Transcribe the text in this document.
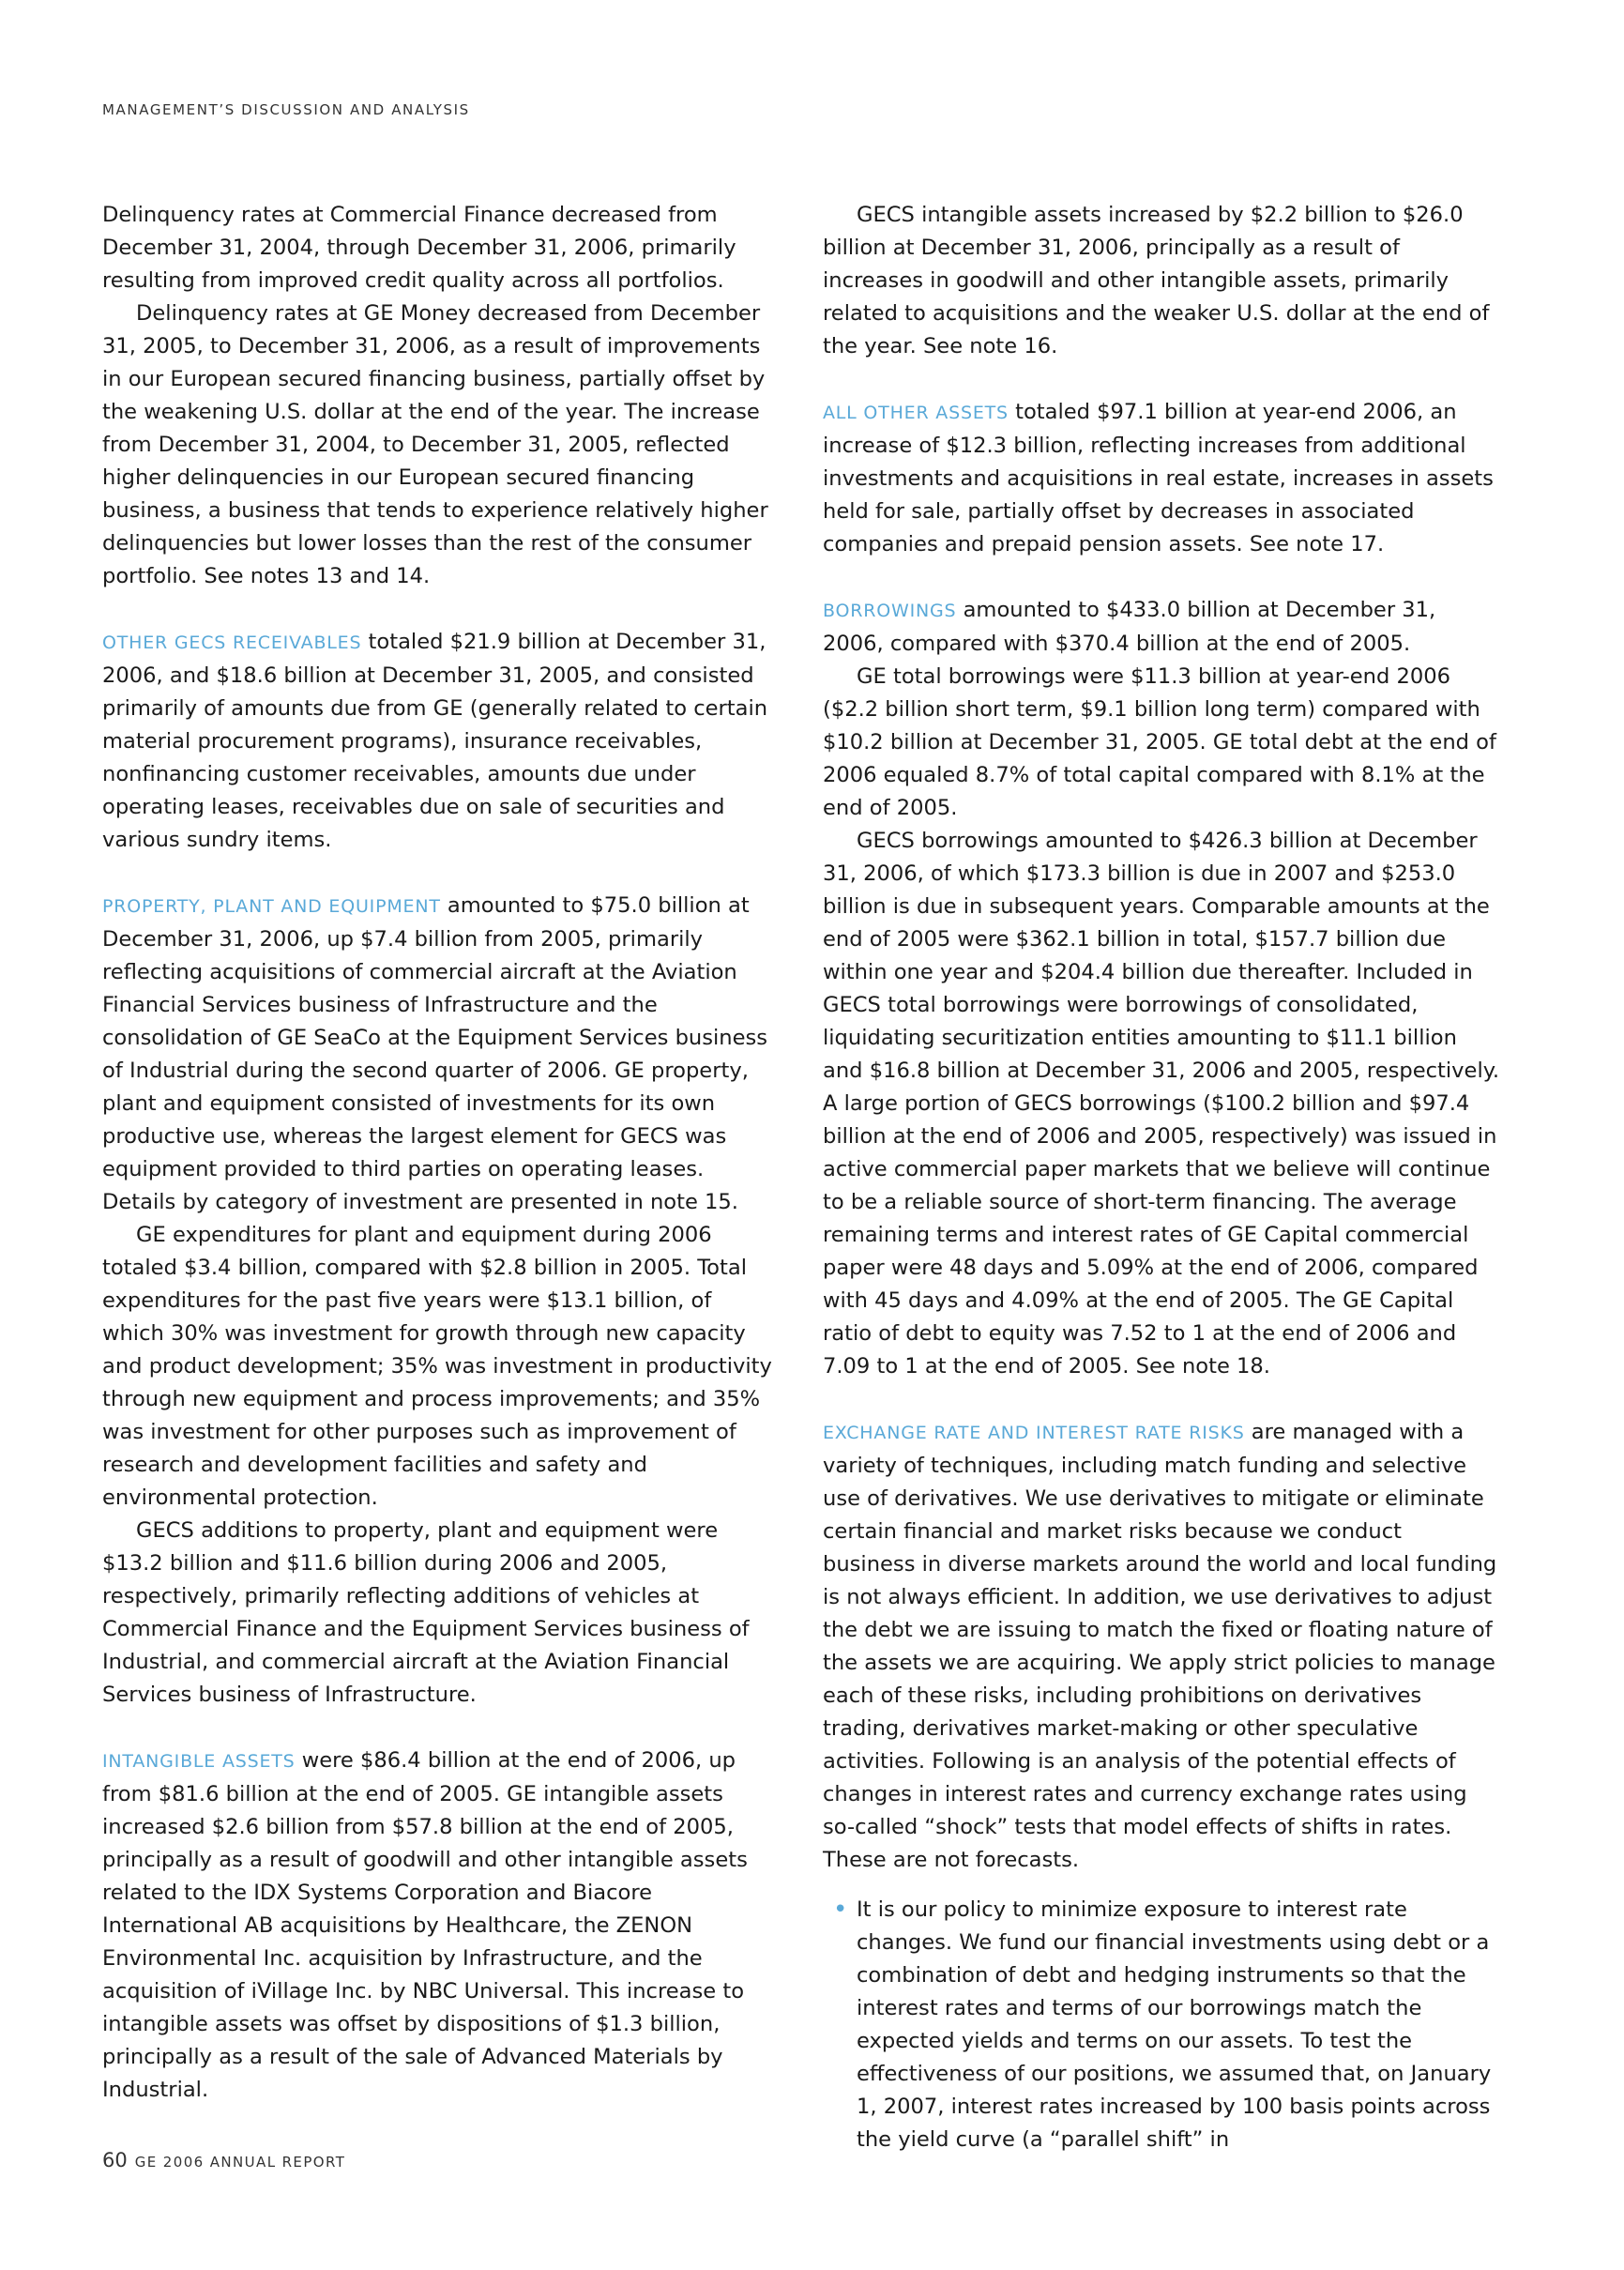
MANAGEMENT’S DISCUSSION AND ANALYSIS

Delinquency rates at Commercial Finance decreased from December 31, 2004, through December 31, 2006, primarily resulting from improved credit quality across all portfolios.

Delinquency rates at GE Money decreased from December 31, 2005, to December 31, 2006, as a result of improvements in our European secured financing business, partially offset by the weakening U.S. dollar at the end of the year. The increase from December 31, 2004, to December 31, 2005, reflected higher delinquencies in our European secured financing business, a business that tends to experience relatively higher delinquencies but lower losses than the rest of the consumer portfolio. See notes 13 and 14.

OTHER GECS RECEIVABLES totaled $21.9 billion at December 31, 2006, and $18.6 billion at December 31, 2005, and consisted primarily of amounts due from GE (generally related to certain material procurement programs), insurance receivables, nonfinancing customer receivables, amounts due under operating leases, receivables due on sale of securities and various sundry items.

PROPERTY, PLANT AND EQUIPMENT amounted to $75.0 billion at December 31, 2006, up $7.4 billion from 2005, primarily reflecting acquisitions of commercial aircraft at the Aviation Financial Services business of Infrastructure and the consolidation of GE SeaCo at the Equipment Services business of Industrial during the second quarter of 2006. GE property, plant and equipment consisted of investments for its own productive use, whereas the largest element for GECS was equipment provided to third parties on operating leases. Details by category of investment are presented in note 15.

GE expenditures for plant and equipment during 2006 totaled $3.4 billion, compared with $2.8 billion in 2005. Total expenditures for the past five years were $13.1 billion, of which 30% was investment for growth through new capacity and product development; 35% was investment in productivity through new equipment and process improvements; and 35% was investment for other purposes such as improvement of research and development facilities and safety and environmental protection.

GECS additions to property, plant and equipment were $13.2 billion and $11.6 billion during 2006 and 2005, respectively, primarily reflecting additions of vehicles at Commercial Finance and the Equipment Services business of Industrial, and commercial aircraft at the Aviation Financial Services business of Infrastructure.

INTANGIBLE ASSETS were $86.4 billion at the end of 2006, up from $81.6 billion at the end of 2005. GE intangible assets increased $2.6 billion from $57.8 billion at the end of 2005, principally as a result of goodwill and other intangible assets related to the IDX Systems Corporation and Biacore International AB acquisitions by Healthcare, the ZENON Environmental Inc. acquisition by Infrastructure, and the acquisition of iVillage Inc. by NBC Universal. This increase to intangible assets was offset by dispositions of $1.3 billion, principally as a result of the sale of Advanced Materials by Industrial.

GECS intangible assets increased by $2.2 billion to $26.0 billion at December 31, 2006, principally as a result of increases in goodwill and other intangible assets, primarily related to acquisitions and the weaker U.S. dollar at the end of the year. See note 16.

ALL OTHER ASSETS totaled $97.1 billion at year-end 2006, an increase of $12.3 billion, reflecting increases from additional investments and acquisitions in real estate, increases in assets held for sale, partially offset by decreases in associated companies and prepaid pension assets. See note 17.

BORROWINGS amounted to $433.0 billion at December 31, 2006, compared with $370.4 billion at the end of 2005.

GE total borrowings were $11.3 billion at year-end 2006 ($2.2 billion short term, $9.1 billion long term) compared with $10.2 billion at December 31, 2005. GE total debt at the end of 2006 equaled 8.7% of total capital compared with 8.1% at the end of 2005.

GECS borrowings amounted to $426.3 billion at December 31, 2006, of which $173.3 billion is due in 2007 and $253.0 billion is due in subsequent years. Comparable amounts at the end of 2005 were $362.1 billion in total, $157.7 billion due within one year and $204.4 billion due thereafter. Included in GECS total borrowings were borrowings of consolidated, liquidating securitization entities amounting to $11.1 billion and $16.8 billion at December 31, 2006 and 2005, respectively. A large portion of GECS borrowings ($100.2 billion and $97.4 billion at the end of 2006 and 2005, respectively) was issued in active commercial paper markets that we believe will continue to be a reliable source of short-term financing. The average remaining terms and interest rates of GE Capital commercial paper were 48 days and 5.09% at the end of 2006, compared with 45 days and 4.09% at the end of 2005. The GE Capital ratio of debt to equity was 7.52 to 1 at the end of 2006 and 7.09 to 1 at the end of 2005. See note 18.

EXCHANGE RATE AND INTEREST RATE RISKS are managed with a variety of techniques, including match funding and selective use of derivatives. We use derivatives to mitigate or eliminate certain financial and market risks because we conduct business in diverse markets around the world and local funding is not always efficient. In addition, we use derivatives to adjust the debt we are issuing to match the fixed or floating nature of the assets we are acquiring. We apply strict policies to manage each of these risks, including prohibitions on derivatives trading, derivatives market-making or other speculative activities. Following is an analysis of the potential effects of changes in interest rates and currency exchange rates using so-called “shock” tests that model effects of shifts in rates. These are not forecasts.

• It is our policy to minimize exposure to interest rate changes. We fund our financial investments using debt or a combination of debt and hedging instruments so that the interest rates and terms of our borrowings match the expected yields and terms on our assets. To test the effectiveness of our positions, we assumed that, on January 1, 2007, interest rates increased by 100 basis points across the yield curve (a “parallel shift” in
60 GE 2006 ANNUAL REPORT
